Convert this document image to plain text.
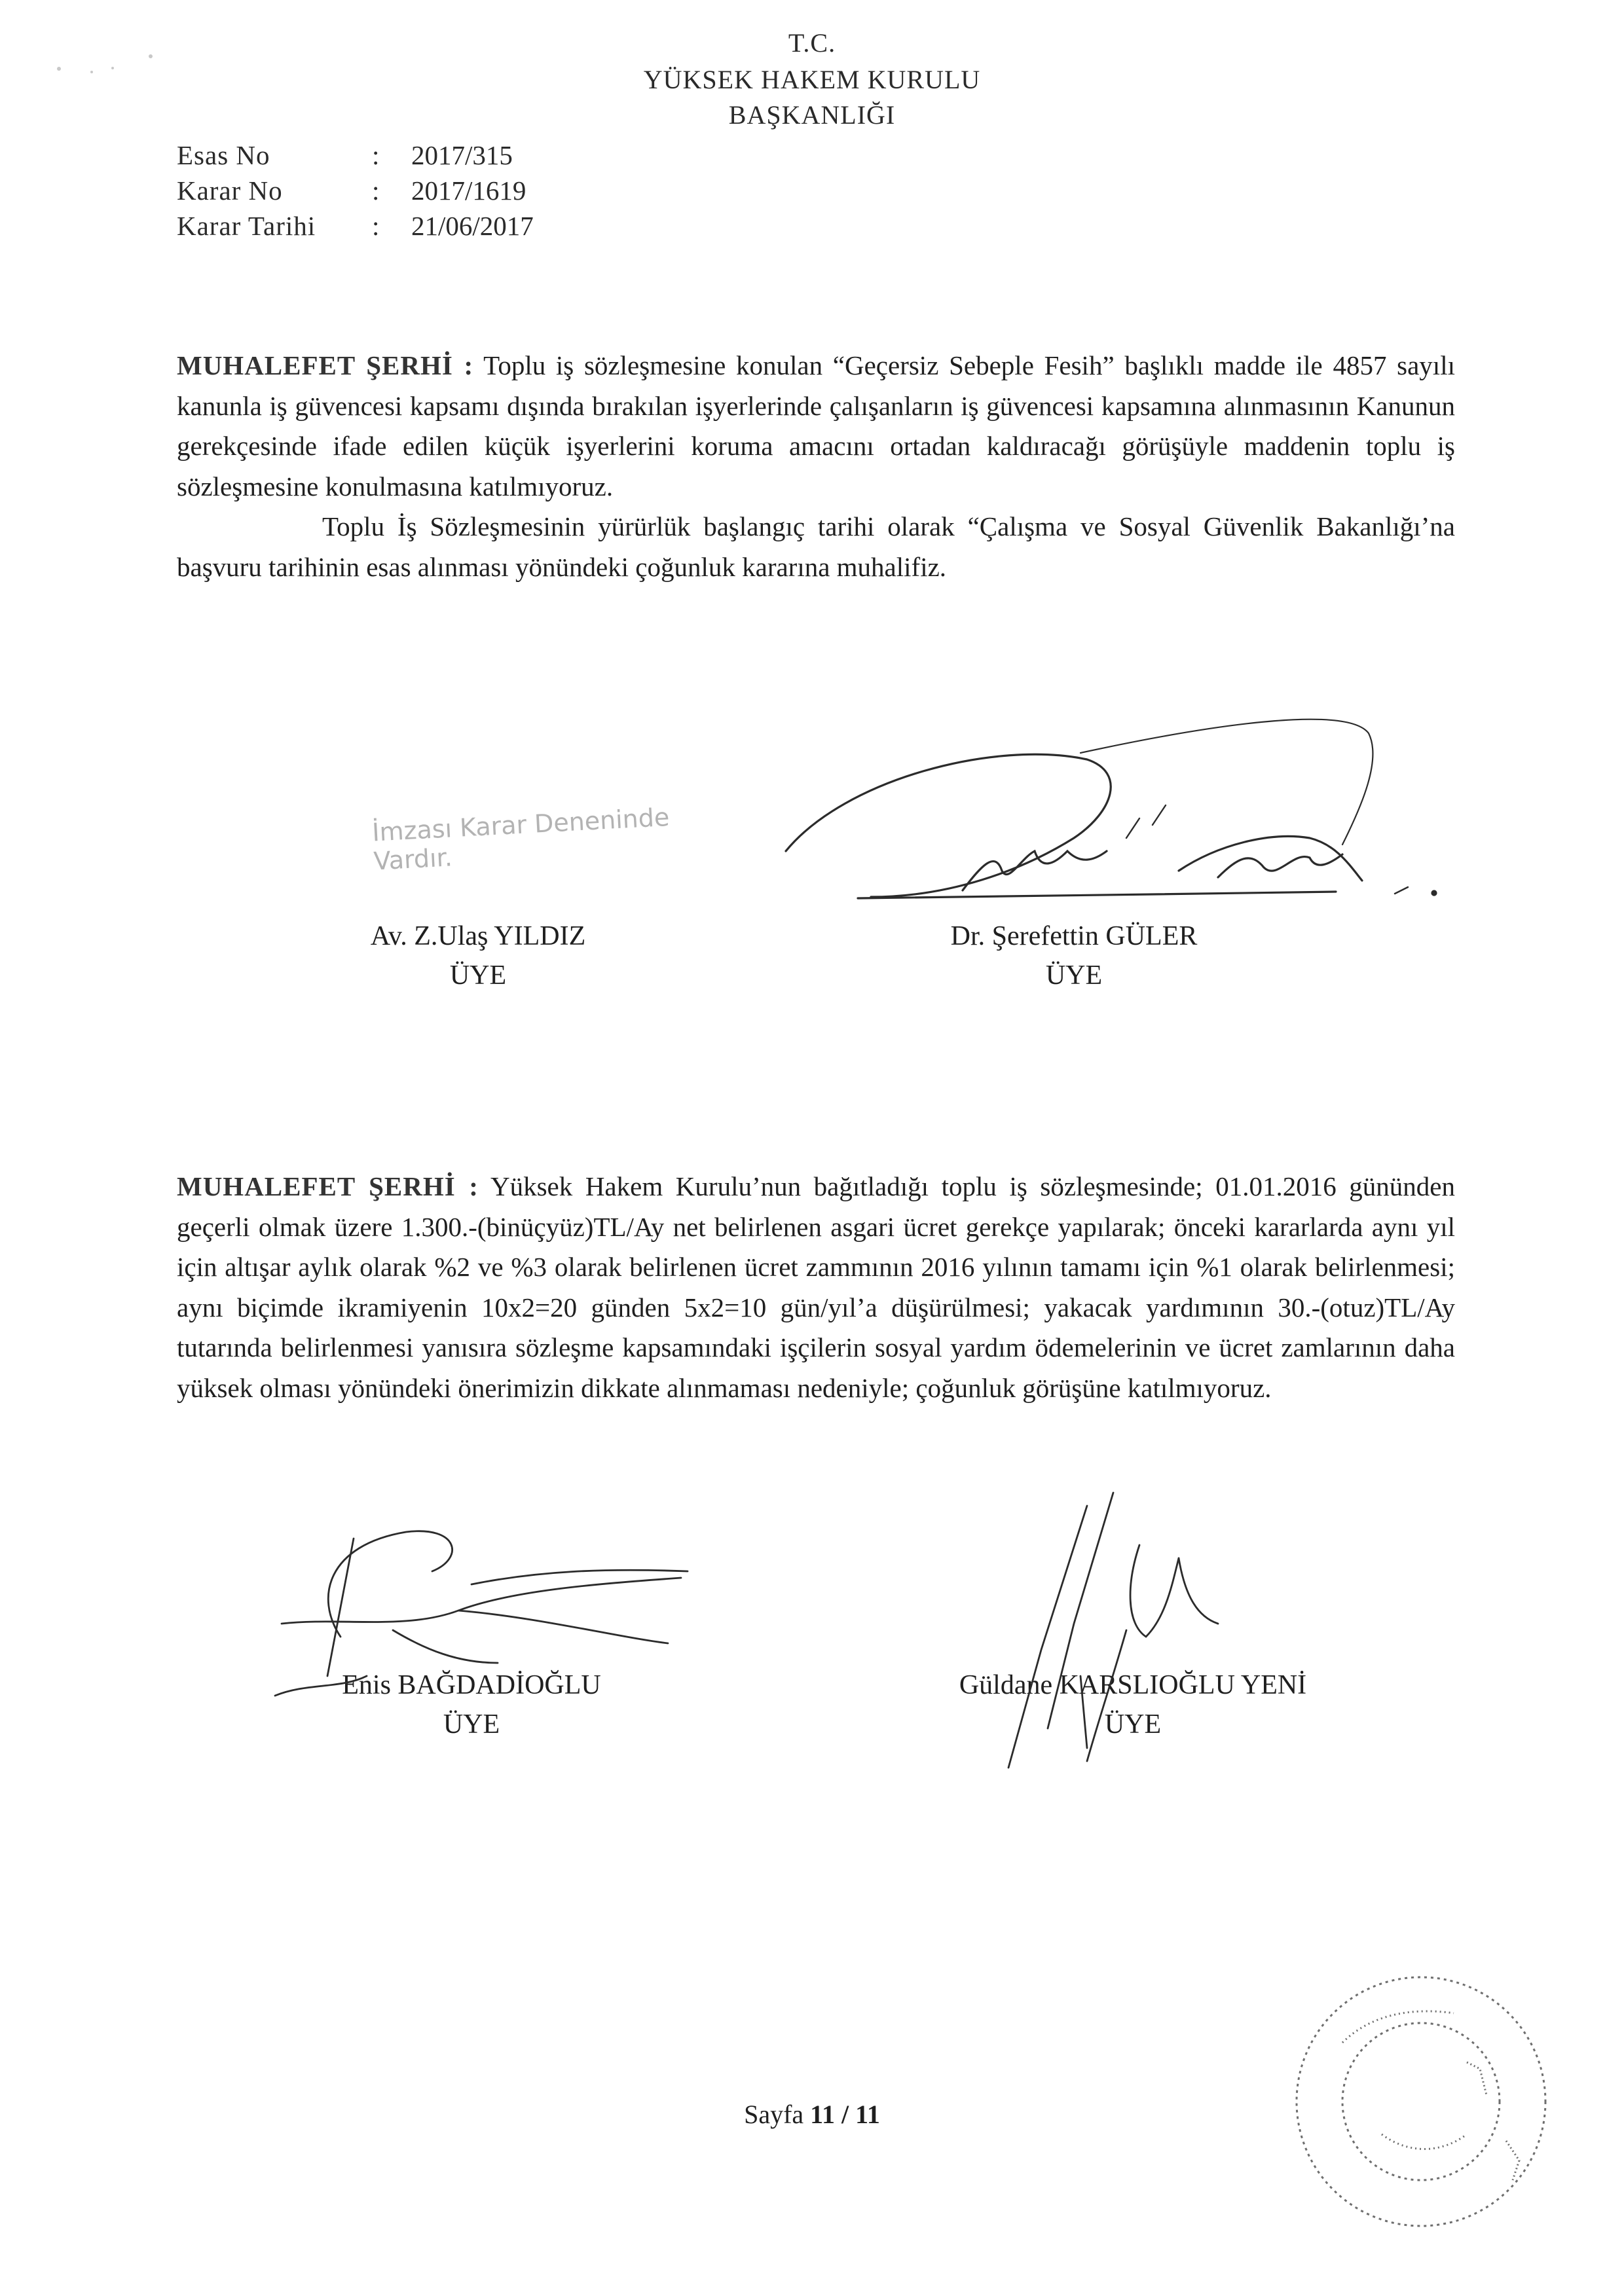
T.C.
YÜKSEK HAKEM KURULU
BAŞKANLIĞI
Esas No	: 2017/315
Karar No	: 2017/1619
Karar Tarihi : 21/06/2017

MUHALEFET ŞERHİ : Toplu iş sözleşmesine konulan “Geçersiz Sebeple Fesih” başlıklı madde ile 4857 sayılı kanunla iş güvencesi kapsamı dışında bırakılan işyerlerinde çalışanların iş güvencesi kapsamına alınmasının Kanunun gerekçesinde ifade edilen küçük işyerlerini koruma amacını ortadan kaldıracağı görüşüyle maddenin toplu iş sözleşmesine konulmasına katılmıyoruz.

Toplu İş Sözleşmesinin yürürlük başlangıç tarihi olarak “Çalışma ve Sosyal Güvenlik Bakanlığı’na başvuru tarihinin esas alınması yönündeki çoğunluk kararına muhalifiz.

İmzası Karar Deneninde Vardır.
Av. Z.Ulaş YILDIZ
ÜYE
Dr. Şerefettin GÜLER
ÜYE

MUHALEFET ŞERHİ : Yüksek Hakem Kurulu’nun bağıtladığı toplu iş sözleşmesinde; 01.01.2016 gününden geçerli olmak üzere 1.300.-(binüçyüz)TL/Ay net belirlenen asgari ücret gerekçe yapılarak; önceki kararlarda aynı yıl için altışar aylık olarak %2 ve %3 olarak belirlenen ücret zammının 2016 yılının tamamı için %1 olarak belirlenmesi; aynı biçimde ikramiyenin 10x2=20 günden 5x2=10 gün/yıl’a düşürülmesi; yakacak yardımının 30.-(otuz)TL/Ay tutarında belirlenmesi yanısıra sözleşme kapsamındaki işçilerin sosyal yardım ödemelerinin ve ücret zamlarının daha yüksek olması yönündeki önerimizin dikkate alınmaması nedeniyle; çoğunluk görüşüne katılmıyoruz.

Enis BAĞDADİOĞLU
ÜYE
Güldane KARSLIOĞLU YENİ
ÜYE
Sayfa 11 / 11
